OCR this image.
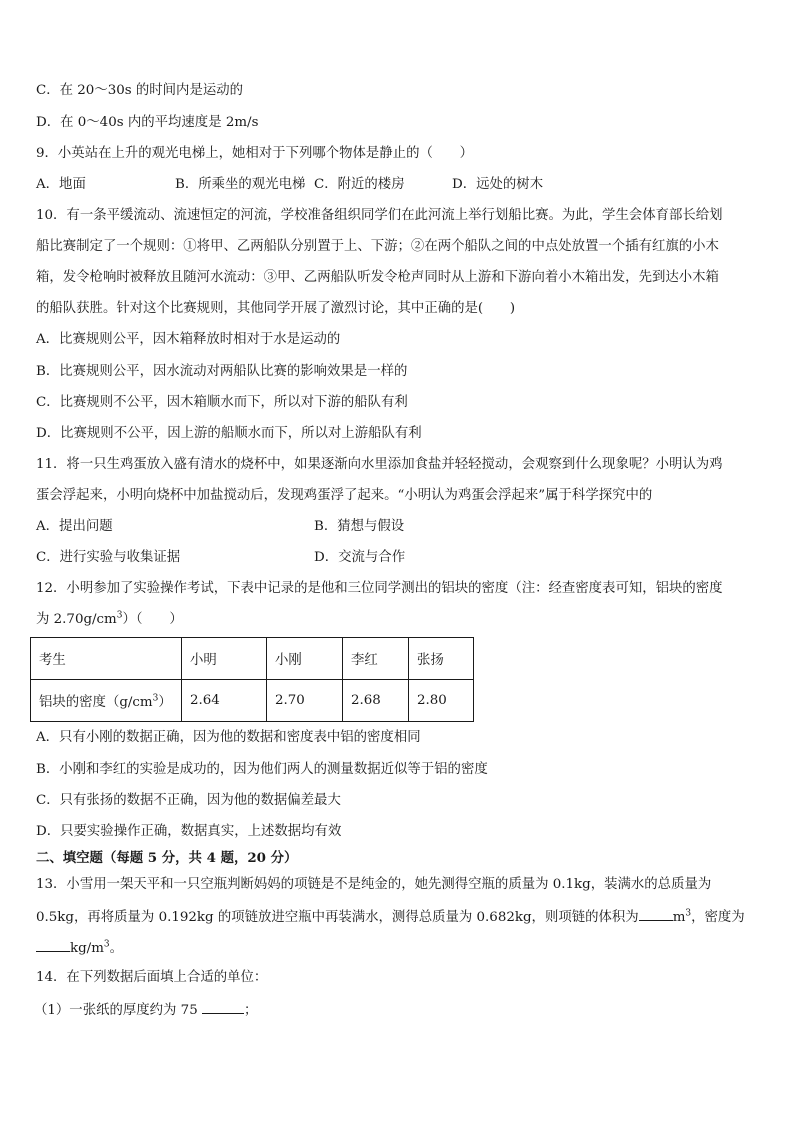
C．在 20～30s 的时间内是运动的
D．在 0～40s 内的平均速度是 2m/s
9．小英站在上升的观光电梯上，她相对于下列哪个物体是静止的（　　）
A．地面	B．所乘坐的观光电梯 C．附近的楼房	D．远处的树木
10．有一条平缓流动、流速恒定的河流，学校准备组织同学们在此河流上举行划船比赛。为此，学生会体育部长给划
船比赛制定了一个规则：①将甲、乙两船队分别置于上、下游；②在两个船队之间的中点处放置一个插有红旗的小木
箱，发令枪响时被释放且随河水流动：③甲、乙两船队听发令枪声同时从上游和下游向着小木箱出发，先到达小木箱
的船队获胜。针对这个比赛规则，其他同学开展了激烈讨论，其中正确的是(　　)
A．比赛规则公平，因木箱释放时相对于水是运动的
B．比赛规则公平，因水流动对两船队比赛的影响效果是一样的
C．比赛规则不公平，因木箱顺水而下，所以对下游的船队有利
D．比赛规则不公平，因上游的船顺水而下，所以对上游船队有利
11．将一只生鸡蛋放入盛有清水的烧杯中，如果逐渐向水里添加食盐并轻轻搅动，会观察到什么现象呢？小明认为鸡
蛋会浮起来，小明向烧杯中加盐搅动后，发现鸡蛋浮了起来。“小明认为鸡蛋会浮起来”属于科学探究中的
A．提出问题	B．猜想与假设
C．进行实验与收集证据	D．交流与合作
12．小明参加了实验操作考试，下表中记录的是他和三位同学测出的铝块的密度（注：经查密度表可知，铝块的密度
为 $2.70g/cm^3$）（　　）
考生	小明	小刚	李红	张扬
铝块的密度$(g/cm^3)$	2.64	2.70	2.68	2.80
A．只有小刚的数据正确，因为他的数据和密度表中铝的密度相同
B．小刚和李红的实验是成功的，因为他们两人的测量数据近似等于铝的密度
C．只有张扬的数据不正确，因为他的数据偏差最大
D．只要实验操作正确，数据真实，上述数据均有效
二、填空题（每题 5 分，共 4 题，20 分）
13．小雪用一架天平和一只空瓶判断妈妈的项链是不是纯金的，她先测得空瓶的质量为 0.1kg，装满水的总质量为
0.5kg，再将质量为 0.192kg 的项链放进空瓶中再装满水，测得总质量为 0.682kg，则项链的体积为	$m^3$，密度为
$kg/m^3$。
14．在下列数据后面填上合适的单位：
（1）一张纸的厚度约为 75	；
